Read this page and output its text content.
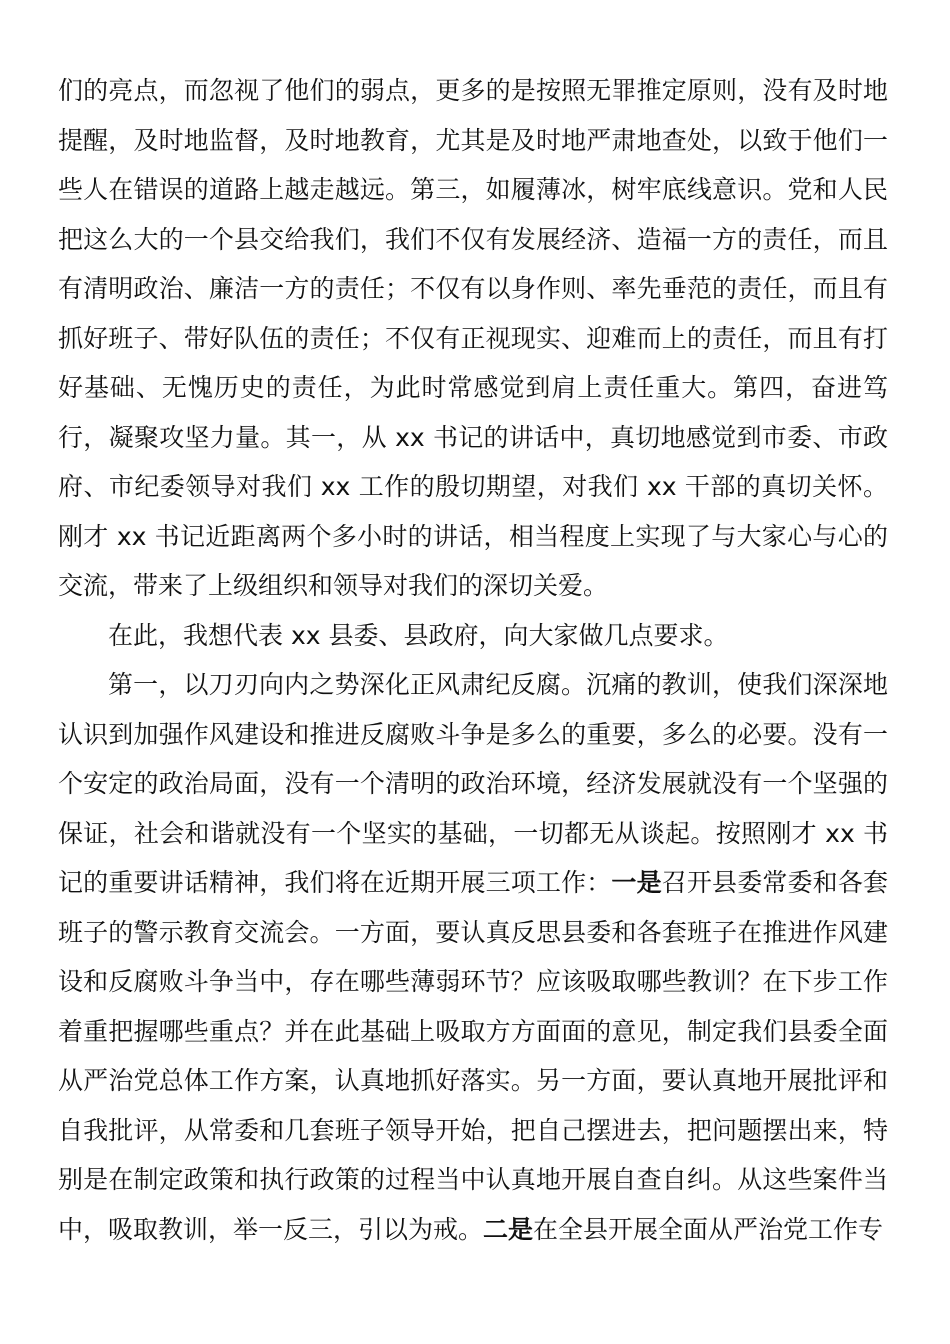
们的亮点，而忽视了他们的弱点，更多的是按照无罪推定原则，没有及时地提醒，及时地监督，及时地教育，尤其是及时地严肃地查处，以致于他们一些人在错误的道路上越走越远。第三，如履薄冰，树牢底线意识。党和人民把这么大的一个县交给我们，我们不仅有发展经济、造福一方的责任，而且有清明政治、廉洁一方的责任；不仅有以身作则、率先垂范的责任，而且有抓好班子、带好队伍的责任；不仅有正视现实、迎难而上的责任，而且有打好基础、无愧历史的责任，为此时常感觉到肩上责任重大。第四，奋进笃行，凝聚攻坚力量。其一，从 xx 书记的讲话中，真切地感觉到市委、市政府、市纪委领导对我们 xx 工作的殷切期望，对我们 xx 干部的真切关怀。刚才 xx 书记近距离两个多小时的讲话，相当程度上实现了与大家心与心的交流，带来了上级组织和领导对我们的深切关爱。

在此，我想代表 xx 县委、县政府，向大家做几点要求。

第一，以刀刃向内之势深化正风肃纪反腐。沉痛的教训，使我们深深地认识到加强作风建设和推进反腐败斗争是多么的重要，多么的必要。没有一个安定的政治局面，没有一个清明的政治环境，经济发展就没有一个坚强的保证，社会和谐就没有一个坚实的基础，一切都无从谈起。按照刚才 xx 书记的重要讲话精神，我们将在近期开展三项工作：一是召开县委常委和各套班子的警示教育交流会。一方面，要认真反思县委和各套班子在推进作风建设和反腐败斗争当中，存在哪些薄弱环节？应该吸取哪些教训？在下步工作着重把握哪些重点？并在此基础上吸取方方面面的意见，制定我们县委全面从严治党总体工作方案，认真地抓好落实。另一方面，要认真地开展批评和自我批评，从常委和几套班子领导开始，把自己摆进去，把问题摆出来，特别是在制定政策和执行政策的过程当中认真地开展自查自纠。从这些案件当中，吸取教训，举一反三，引以为戒。二是在全县开展全面从严治党工作专
